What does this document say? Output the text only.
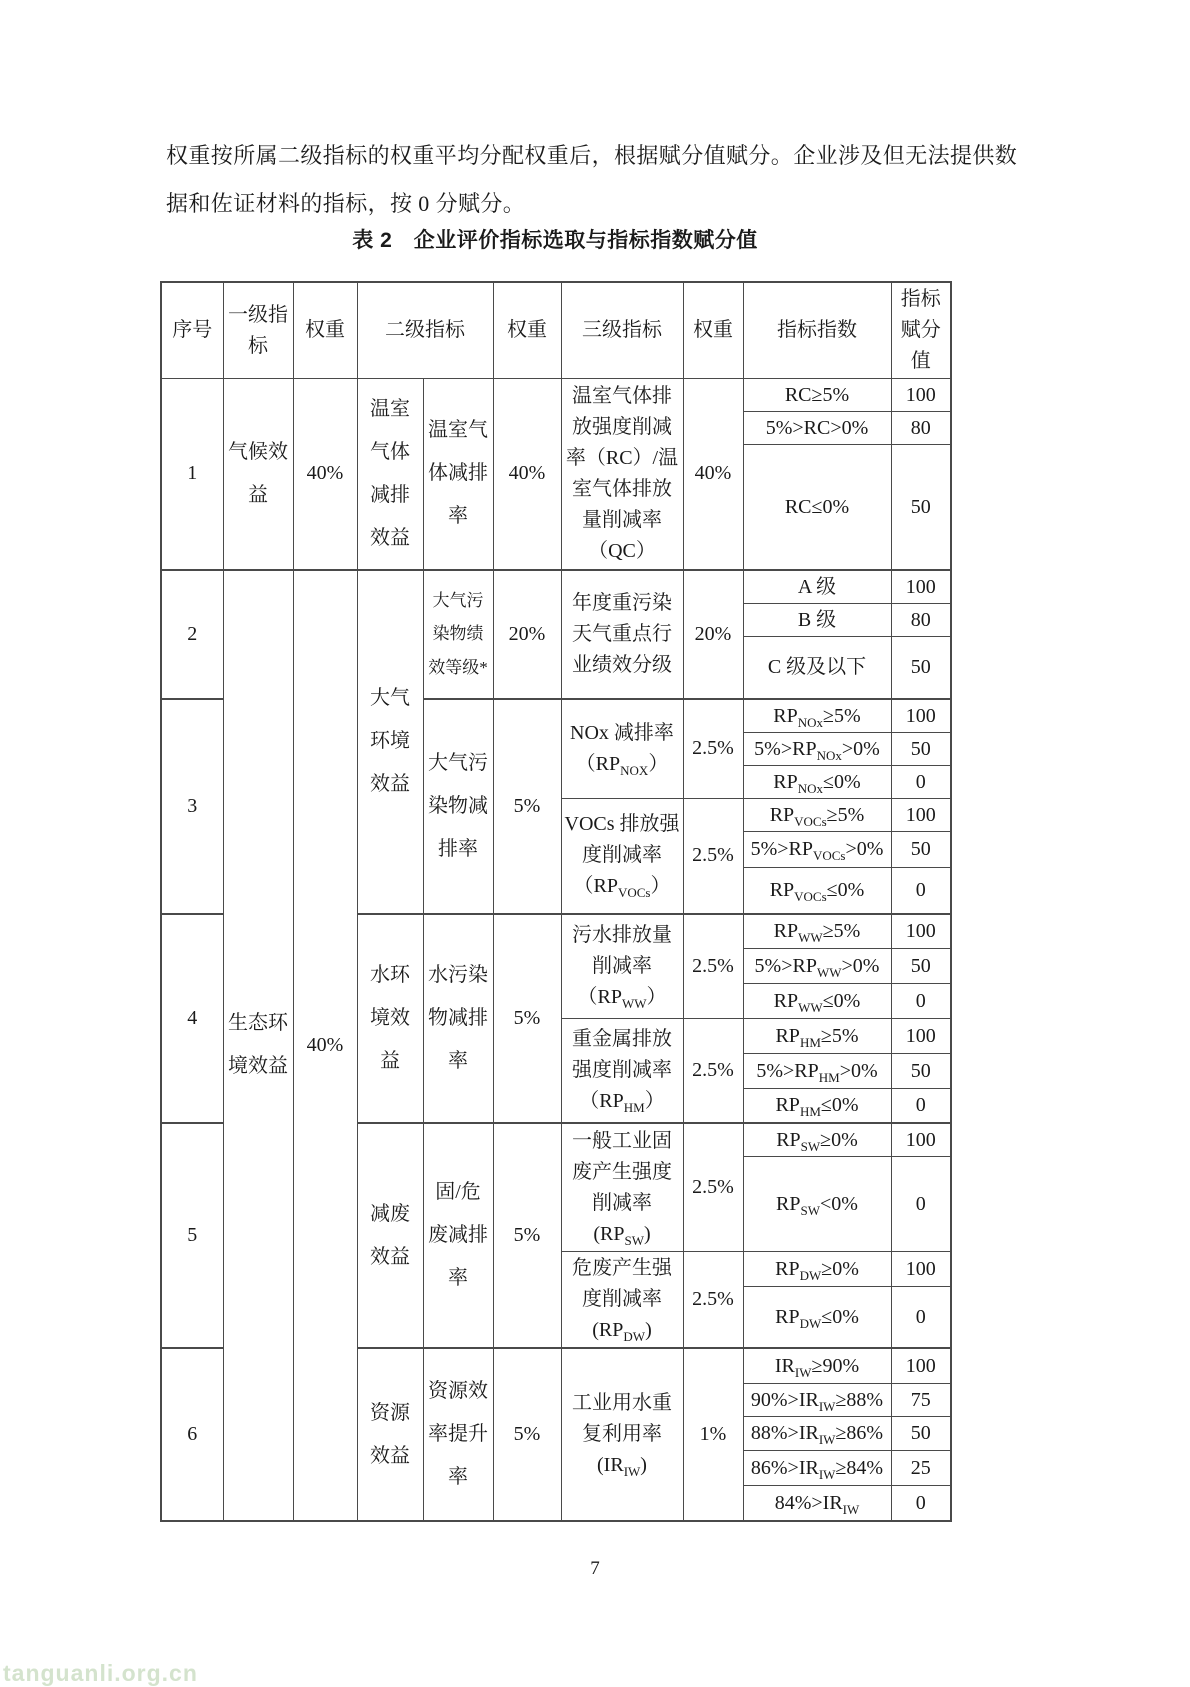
权重按所属二级指标的权重平均分配权重后，根据赋分值赋分。企业涉及但无法提供数
据和佐证材料的指标，按 0 分赋分。
表 2　企业评价指标选取与指标指数赋分值
序号	一级指标	权重	二级指标		权重	三级指标	权重	指标指数	指标赋分值
1	气候效益	40%	温室气体减排效益	温室气体减排率	40%	温室气体排放强度削减率（RC）/温室气体排放量削减率（QC）	40%	RC≥5%	100
								5%>RC>0%	80
								RC≤0%	50
2	生态环境效益	40%	大气环境效益	大气污染物绩效等级*	20%	年度重污染天气重点行业绩效分级	20%	A 级	100
								B 级	80
								C 级及以下	50
3				大气污染物减排率	5%	NOx 减排率$(RP_{NOX})$	2.5%	$RP_{NOx}\ge 5\%$	100
								$5\%>RP_{NOx}>0\%$	50
								$RP_{NOx}\le 0\%$	0
						VOCs 排放强度削减率$(RP_{VOCs})$	2.5%	$RP_{VOCs}\ge 5\%$	100
								$5\%>RP_{VOCs}>0\%$	50
								$RP_{VOCs}\le 0\%$	0
4			水环境效益	水污染物减排率	5%	污水排放量削减率$(RP_{WW})$	2.5%	$RP_{WW}\ge 5\%$	100
								$5\%>RP_{WW}>0\%$	50
								$RP_{WW}\le 0\%$	0
						重金属排放强度削减率$(RP_{HM})$	2.5%	$RP_{HM}\ge 5\%$	100
								$5\%>RP_{HM}>0\%$	50
								$RP_{HM}\le 0\%$	0
5			减废效益	固/危废减排率	5%	一般工业固废产生强度削减率$(RP_{SW})$	2.5%	$RP_{SW}\ge 0\%$	100
								$RP_{SW}<0\%$	0
						危废产生强度削减率$(RP_{DW})$	2.5%	$RP_{DW}\ge 0\%$	100
								$RP_{DW}\le 0\%$	0
6			资源效益	资源效率提升率	5%	工业用水重复利用率$(IR_{IW})$	1%	$IR_{IW}\ge 90\%$	100
								$90\%>IR_{IW}\ge 88\%$	75
								$88\%>IR_{IW}\ge 86\%$	50
								$86\%>IR_{IW}\ge 84\%$	25
								$84\%>IR_{IW}$	0
7
tanguanli.org.cn
